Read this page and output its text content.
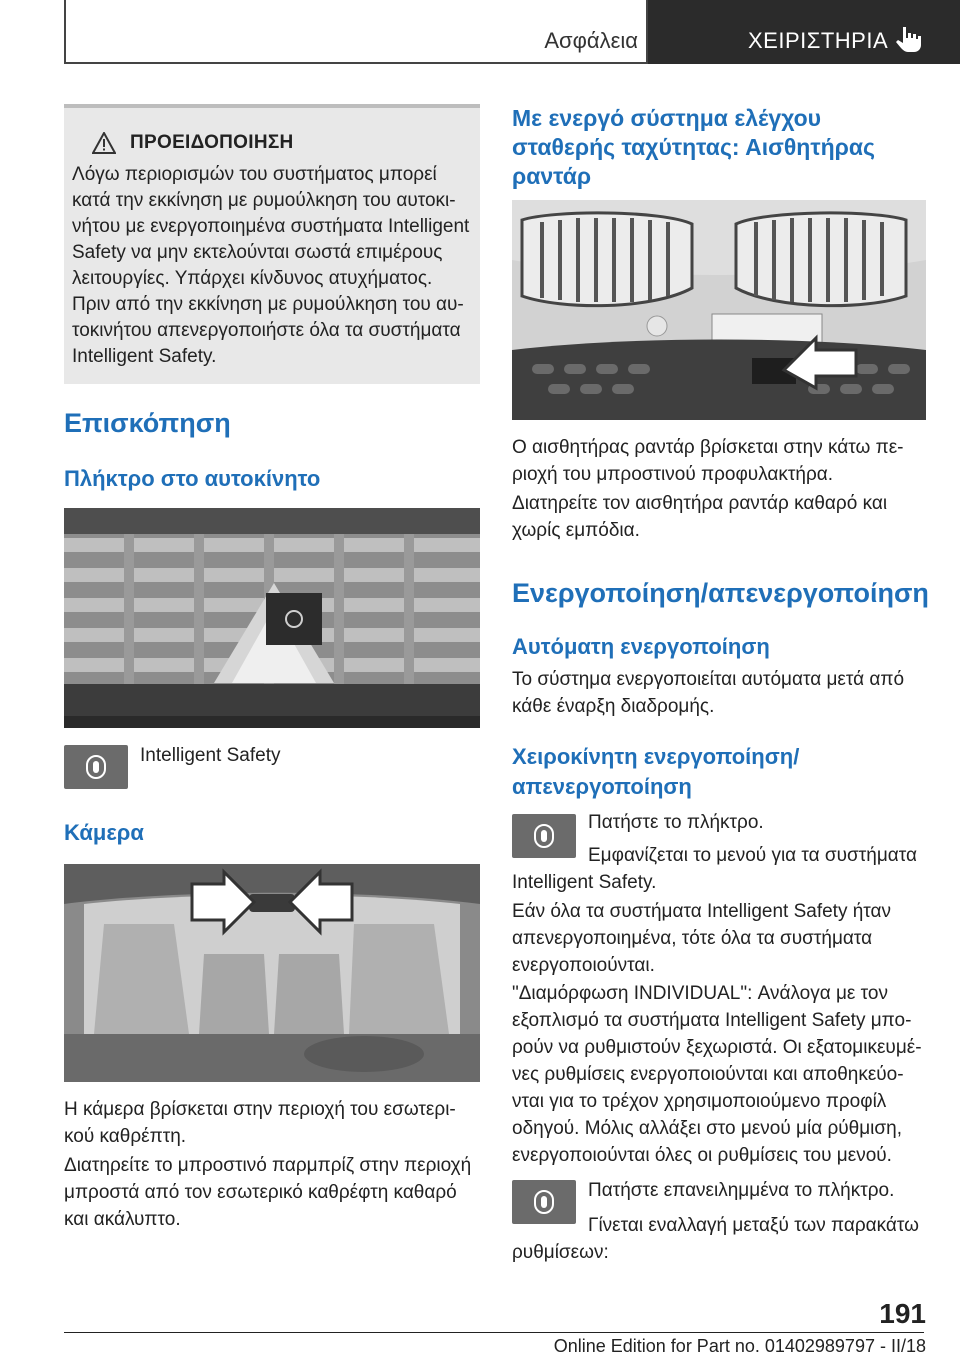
Ασφάλεια	ΧΕΙΡΙΣΤΗΡΙΑ
ΠΡΟΕΙΔΟΠΟΙΗΣΗ

Λόγω περιορισμών του συστήματος μπορεί
κατά την εκκίνηση με ρυμούλκηση του αυτοκι-
νήτου με ενεργοποιημένα συστήματα Intelligent
Safety να μην εκτελούνται σωστά επιμέρους
λειτουργίες. Υπάρχει κίνδυνος ατυχήματος.
Πριν από την εκκίνηση με ρυμούλκηση του αυ-
τοκινήτου απενεργοποιήστε όλα τα συστήματα
Intelligent Safety.

Επισκόπηση
Πλήκτρο στο αυτοκίνητο
Intelligent Safety
Κάμερα

Η κάμερα βρίσκεται στην περιοχή του εσωτερι-
κού καθρέπτη.

Διατηρείτε το μπροστινό παρμπρίζ στην περιοχή
μπροστά από τον εσωτερικό καθρέφτη καθαρό
και ακάλυπτο.

Με ενεργό σύστημα ελέγχου
σταθερής ταχύτητας: Αισθητήρας
ραντάρ

Ο αισθητήρας ραντάρ βρίσκεται στην κάτω πε-
ριοχή του μπροστινού προφυλακτήρα.

Διατηρείτε τον αισθητήρα ραντάρ καθαρό και
χωρίς εμπόδια.

Ενεργοποίηση/απενεργοποίηση
Αυτόματη ενεργοποίηση

Το σύστημα ενεργοποιείται αυτόματα μετά από
κάθε έναρξη διαδρομής.

Χειροκίνητη ενεργοποίηση/
απενεργοποίηση
Πατήστε το πλήκτρο.

Εμφανίζεται το μενού για τα συστήματα
Intelligent Safety.

Εάν όλα τα συστήματα Intelligent Safety ήταν
απενεργοποιημένα, τότε όλα τα συστήματα
ενεργοποιούνται.

"Διαμόρφωση INDIVIDUAL": Ανάλογα με τον
εξοπλισμό τα συστήματα Intelligent Safety μπο-
ρούν να ρυθμιστούν ξεχωριστά. Οι εξατομικευμέ-
νες ρυθμίσεις ενεργοποιούνται και αποθηκεύο-
νται για το τρέχον χρησιμοποιούμενο προφίλ
οδηγού. Μόλις αλλάξει στο μενού μία ρύθμιση,
ενεργοποιούνται όλες οι ρυθμίσεις του μενού.

Πατήστε επανειλημμένα το πλήκτρο.

Γίνεται εναλλαγή μεταξύ των παρακάτω
ρυθμίσεων:

191
Online Edition for Part no. 01402989797 - II/18
